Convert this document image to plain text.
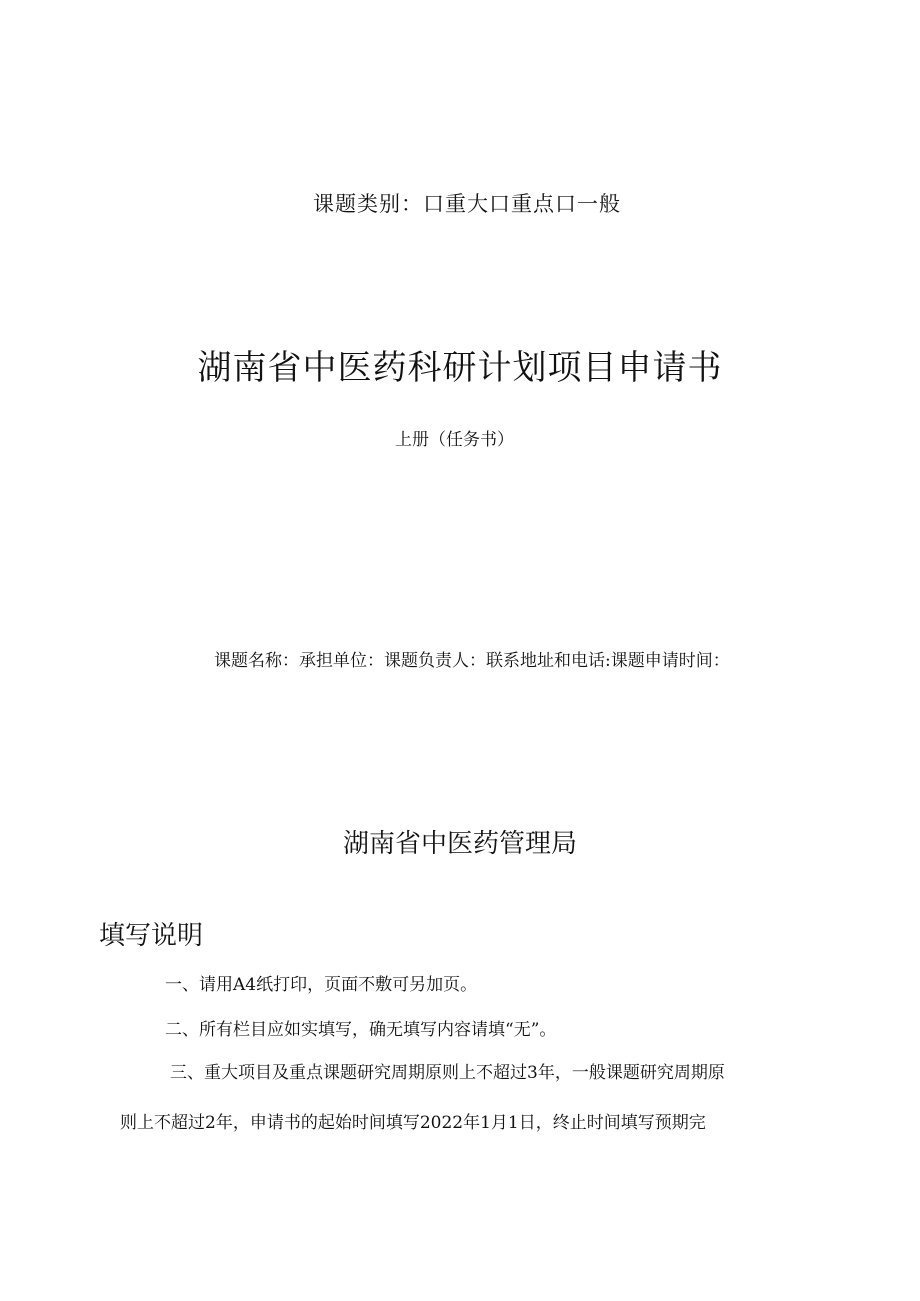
课题类别：口重大口重点口一般
湖南省中医药科研计划项目申请书
上册（任务书）
课题名称：承担单位：课题负责人：联系地址和电话:课题申请时间：
湖南省中医药管理局
填写说明
一、请用A4纸打印，页面不敷可另加页。
二、所有栏目应如实填写，确无填写内容请填“无”。
三、重大项目及重点课题研究周期原则上不超过3年，一般课题研究周期原
则上不超过2年，申请书的起始时间填写2022年1月1日，终止时间填写预期完
